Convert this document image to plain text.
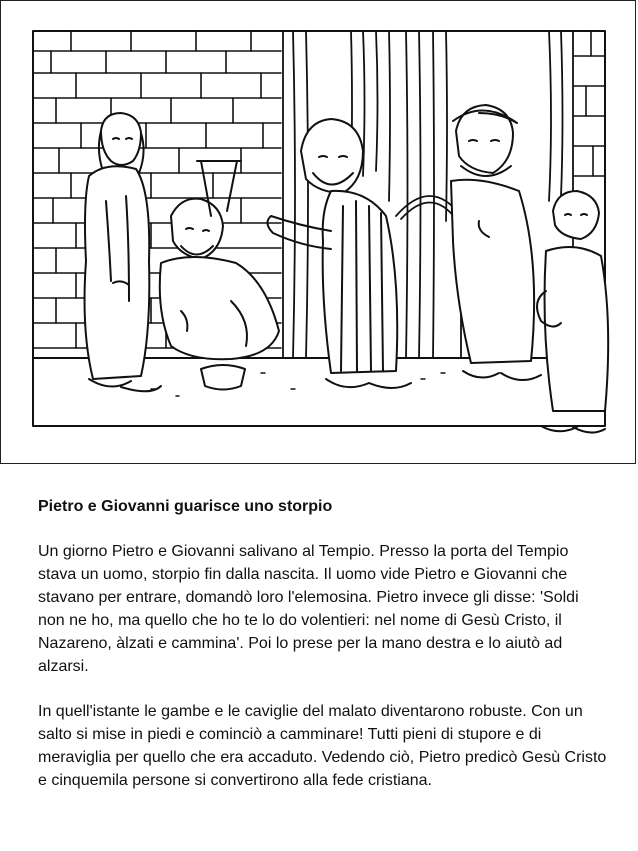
Pietro e Giovanni guarisce uno storpio

Un giorno Pietro e Giovanni salivano al Tempio. Presso la porta del Tempio stava un uomo, storpio fin dalla nascita. Il uomo vide Pietro e Giovanni che stavano per entrare, domandò loro l'elemosina. Pietro invece gli disse: 'Soldi non ne ho, ma quello che ho te lo do volentieri: nel nome di Gesù Cristo, il Nazareno, àlzati e cammina'. Poi lo prese per la mano destra e lo aiutò ad alzarsi.

In quell'istante le gambe e le caviglie del malato diventarono robuste. Con un salto si mise in piedi e cominciò a camminare! Tutti pieni di stupore e di meraviglia per quello che era accaduto. Vedendo ciò, Pietro predicò Gesù Cristo e cinquemila persone si convertirono alla fede cristiana.
